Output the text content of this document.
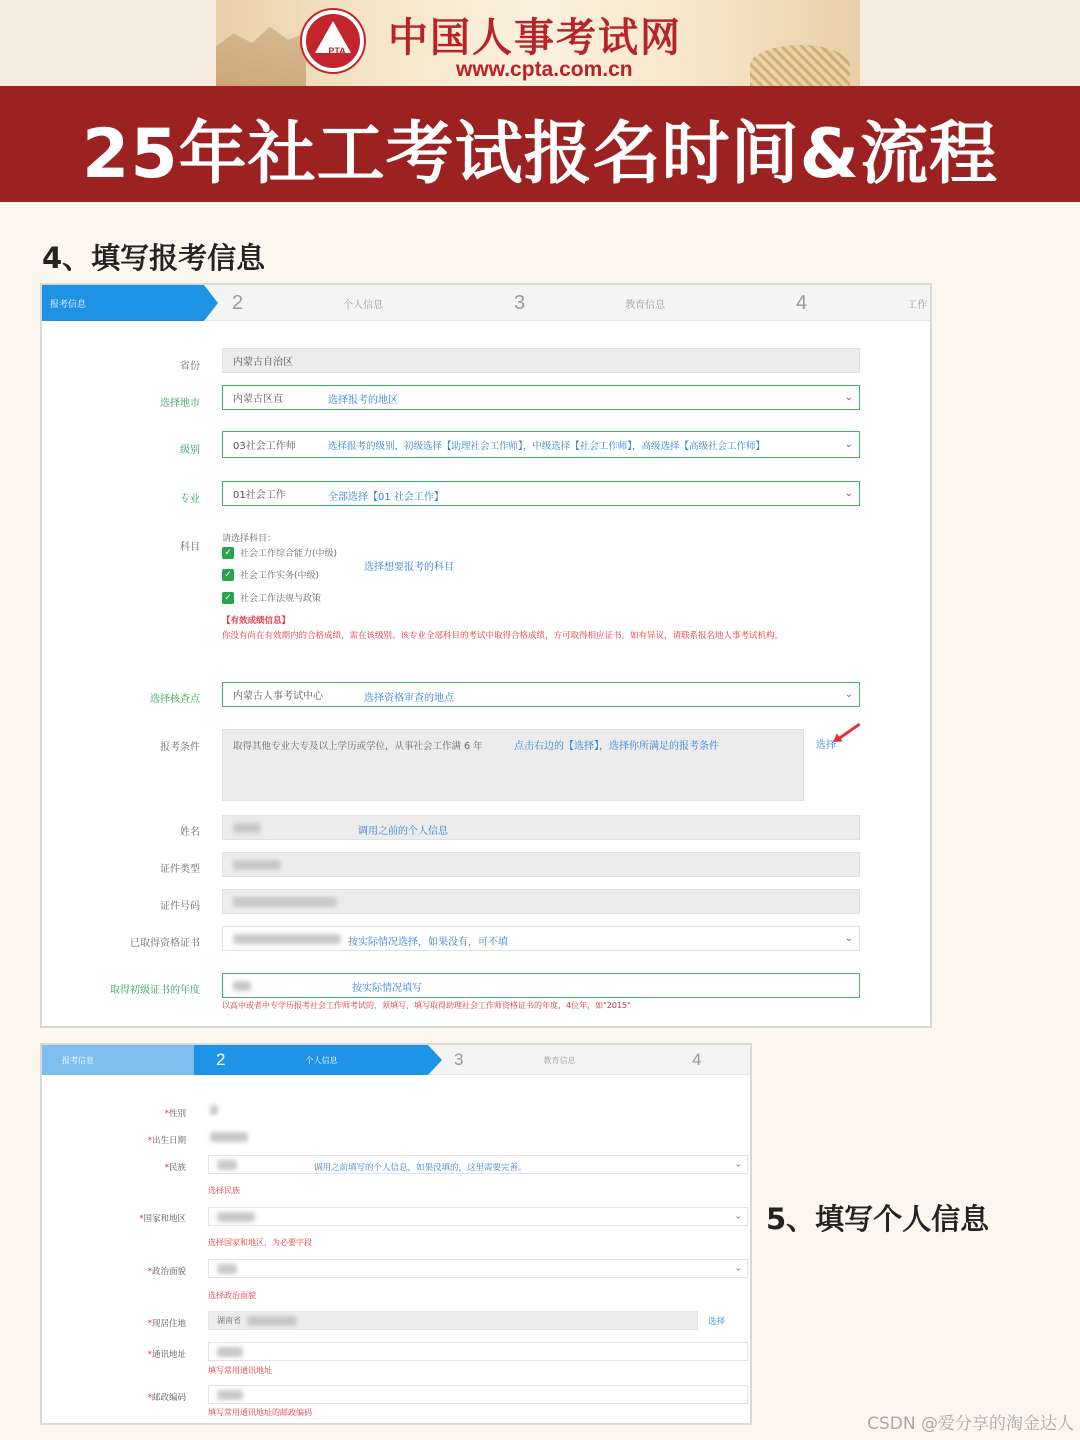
PTA 中国人事考试网
www.cpta.com.cn
25年社工考试报名时间&流程
4、填写报考信息
报考信息	2	个人信息	3	教育信息	4	工作
省份	内蒙古自治区
选择地市	内蒙古区直	⌄
选择报考的地区
级别	03社会工作师	⌄
选择报考的级别，初级选择【助理社会工作师】，中级选择【社会工作师】，高级选择【高级社会工作师】
专业	01社会工作	⌄
全部选择【01 社会工作】
科目
请选择科目：
✓ 社会工作综合能力(中级)
✓ 社会工作实务(中级)
✓ 社会工作法规与政策
选择想要报考的科目
【有效成绩信息】
你没有尚在有效期内的合格成绩，需在该级别、该专业全部科目的考试中取得合格成绩，方可取得相应证书。如有异议，请联系报名地人事考试机构。
选择核查点	内蒙古人事考试中心	⌄
选择资格审查的地点
报考条件	取得其他专业大专及以上学历或学位，从事社会工作满 6 年	点击右边的【选择】，选择你所满足的报考条件	选择
姓名	调用之前的个人信息
证件类型
证件号码
已取得资格证书
⌄
按实际情况选择，如果没有，可不填
取得初级证书的年度	按实际情况填写
以高中或者中专学历报考社会工作师考试的，须填写，填写取得助理社会工作师资格证书的年度，4位年，如"2015"
报考信息	2	个人信息	3	教育信息	4
*性别
*出生日期
*民族	⌄
调用之前填写的个人信息，如果没填的，这里需要完善。
选择民族
*国家和地区	⌄
选择国家和地区，为必要字段
*政治面貌	⌄
选择政治面貌
*现居住地	湖南省	选择
*通讯地址
填写常用通讯地址
*邮政编码
填写常用通讯地址的邮政编码
5、填写个人信息
CSDN @爱分享的淘金达人
